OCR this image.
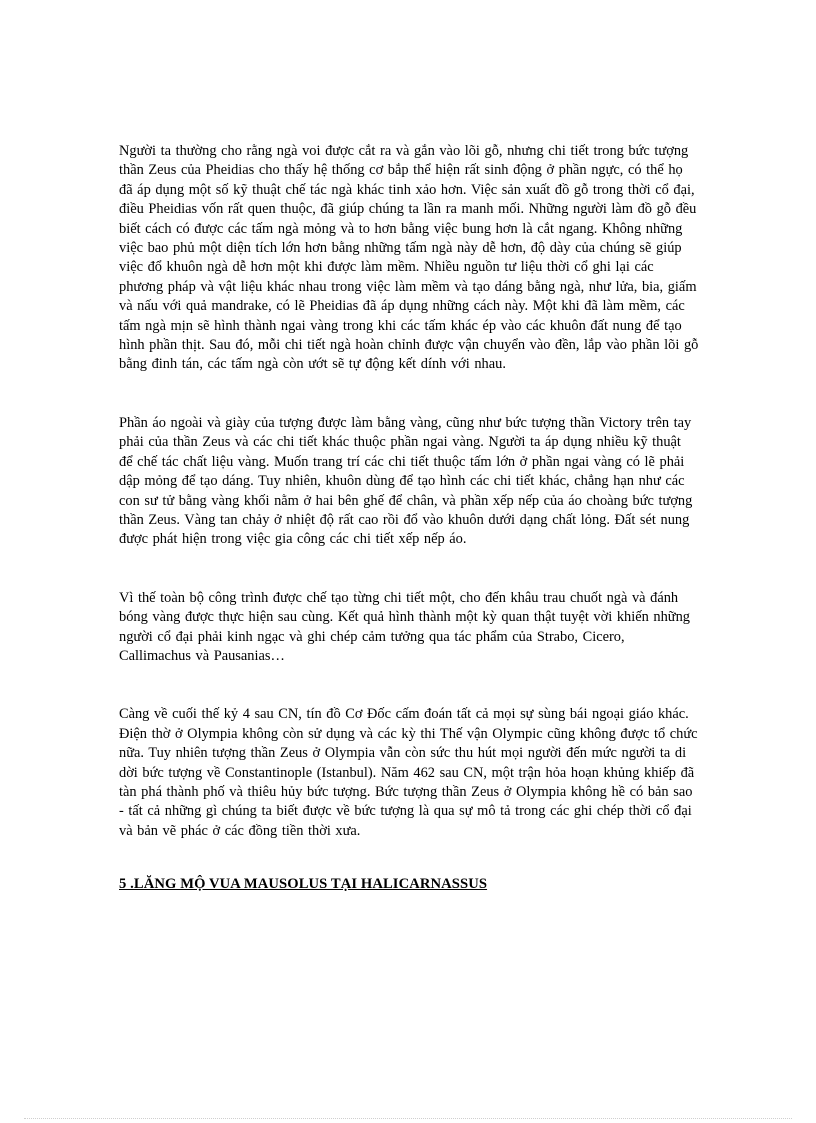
Người ta thường cho rằng ngà voi được cắt ra và gắn vào lõi gỗ, nhưng chi tiết trong bức tượng thần Zeus của Pheidias cho thấy hệ thống cơ bắp thể hiện rất sinh động ở phần ngực, có thể họ đã áp dụng một số kỹ thuật chế tác ngà khác tinh xảo hơn. Việc sản xuất đồ gỗ trong thời cổ đại, điều Pheidias vốn rất quen thuộc, đã giúp chúng ta lần ra manh mối. Những người làm đồ gỗ đều biết cách có được các tấm ngà mỏng và to hơn bằng việc bung hơn là cắt ngang. Không những việc bao phủ một diện tích lớn hơn bằng những tấm ngà này dễ hơn, độ dày của chúng sẽ giúp việc đổ khuôn ngà dễ hơn một khi được làm mềm. Nhiều nguồn tư liệu thời cổ ghi lại các phương pháp và vật liệu khác nhau trong việc làm mềm và tạo dáng bằng ngà, như lửa, bia, giấm và nấu với quả mandrake, có lẽ Pheidias đã áp dụng những cách này. Một khi đã làm mềm, các tấm ngà mịn sẽ hình thành ngai vàng trong khi các tấm khác ép vào các khuôn đất nung để tạo hình phần thịt. Sau đó, mỗi chi tiết ngà hoàn chỉnh được vận chuyển vào đền, lắp vào phần lõi gỗ bằng đinh tán, các tấm ngà còn ướt sẽ tự động kết dính với nhau.

Phần áo ngoài và giày của tượng được làm bằng vàng, cũng như bức tượng thần Victory trên tay phải của thần Zeus và các chi tiết khác thuộc phần ngai vàng. Người ta áp dụng nhiều kỹ thuật để chế tác chất liệu vàng. Muốn trang trí các chi tiết thuộc tấm lớn ở phần ngai vàng có lẽ phải dập mỏng để tạo dáng. Tuy nhiên, khuôn dùng để tạo hình các chi tiết khác, chẳng hạn như các con sư tử bằng vàng khối nằm ở hai bên ghế để chân, và phần xếp nếp của áo choàng bức tượng thần Zeus. Vàng tan chảy ở nhiệt độ rất cao rồi đổ vào khuôn dưới dạng chất lỏng. Đất sét nung được phát hiện trong việc gia công các chi tiết xếp nếp áo.

Vì thế toàn bộ công trình được chế tạo từng chi tiết một, cho đến khâu trau chuốt ngà và đánh bóng vàng được thực hiện sau cùng. Kết quả hình thành một kỳ quan thật tuyệt vời khiến những người cổ đại phải kinh ngạc và ghi chép cảm tưởng qua tác phẩm của Strabo, Cicero, Callimachus và Pausanias…

Càng về cuối thế kỷ 4 sau CN, tín đồ Cơ Đốc cấm đoán tất cả mọi sự sùng bái ngoại giáo khác. Điện thờ ở Olympia không còn sử dụng và các kỳ thi Thế vận Olympic cũng không được tổ chức nữa. Tuy nhiên tượng thần Zeus ở Olympia vẫn còn sức thu hút mọi người đến mức người ta di dời bức tượng về Constantinople (Istanbul). Năm 462 sau CN, một trận hỏa hoạn khủng khiếp đã tàn phá thành phố và thiêu hủy bức tượng. Bức tượng thần Zeus ở Olympia không hề có bản sao - tất cả những gì chúng ta biết được về bức tượng là qua sự mô tả trong các ghi chép thời cổ đại và bản vẽ phác ở các đồng tiền thời xưa.

5 .LĂNG MỘ VUA MAUSOLUS TẠI HALICARNASSUS
